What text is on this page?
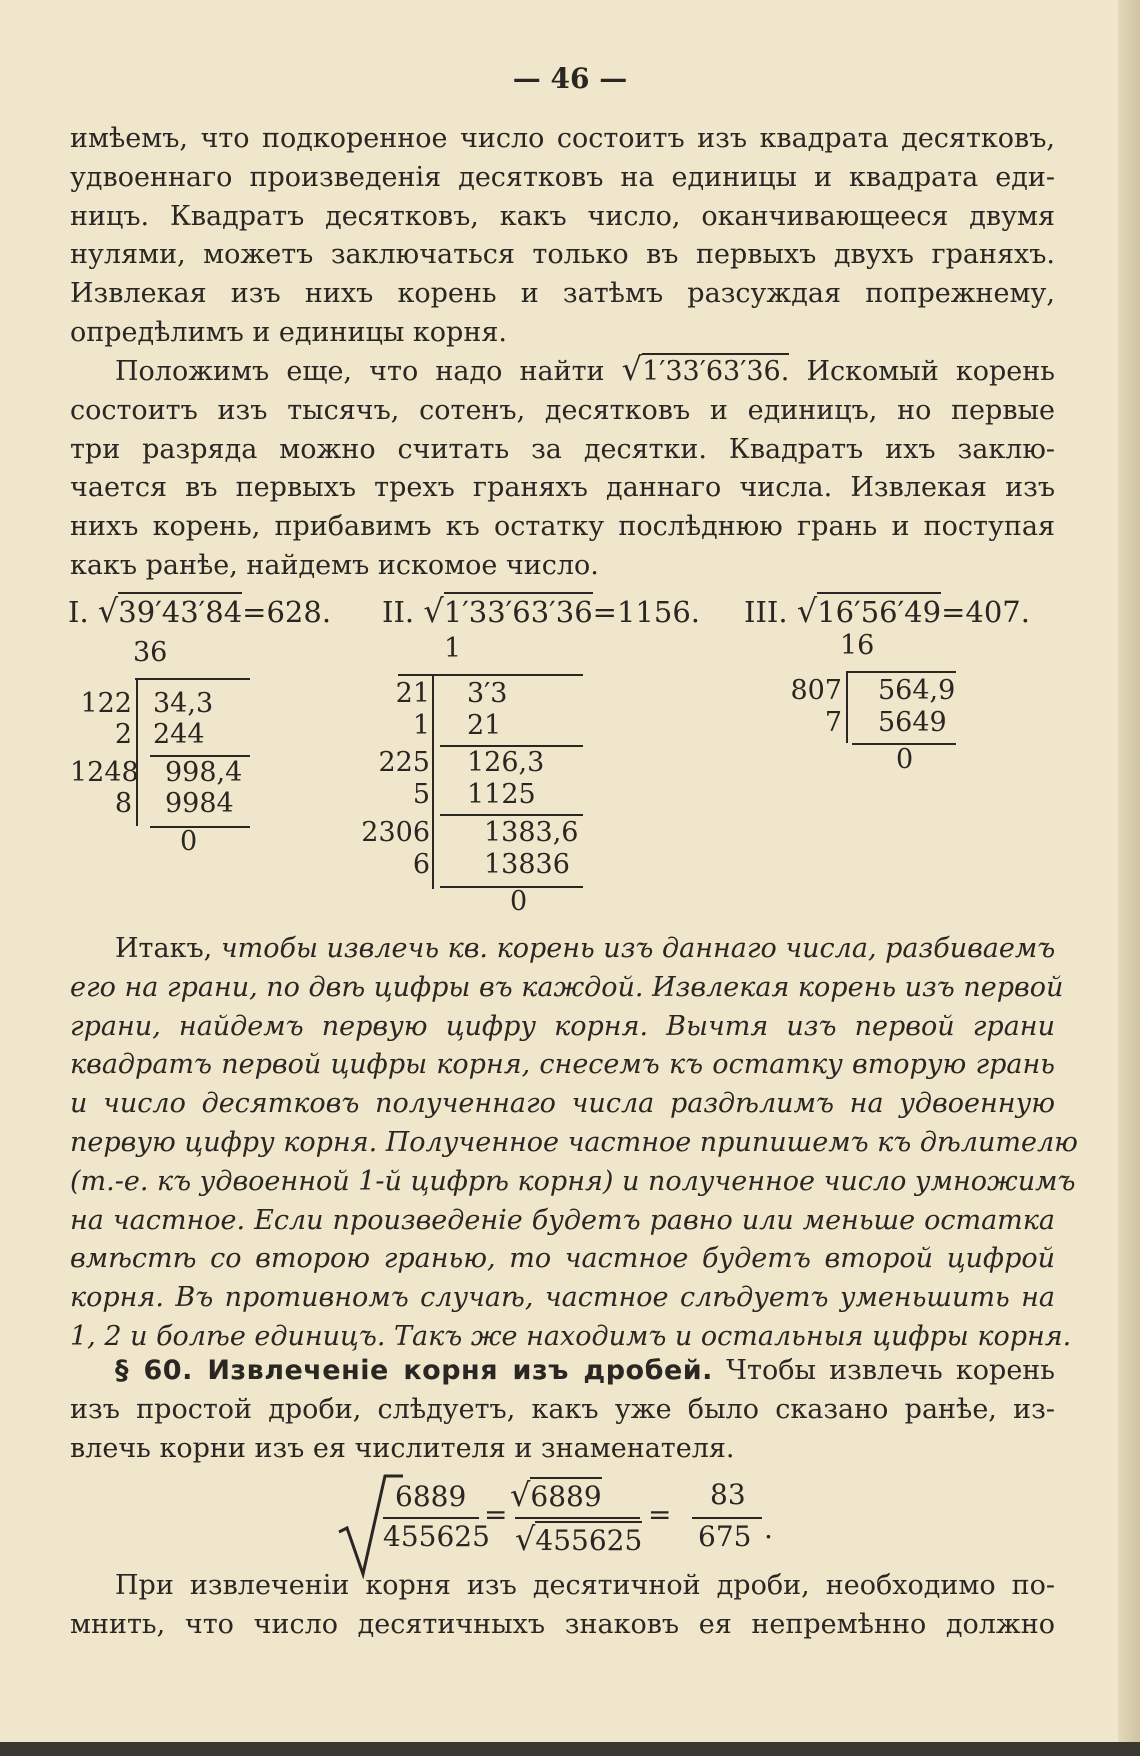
— 46 —
имѣемъ, что подкоренное число состоитъ изъ квадрата десятковъ,
удвоеннаго произведенія десятковъ на единицы и квадрата еди-
ницъ. Квадратъ десятковъ, какъ число, оканчивающееся двумя
нулями, можетъ заключаться только въ первыхъ двухъ граняхъ.
Извлекая изъ нихъ корень и затѣмъ разсуждая попрежнему,
опредѣлимъ и единицы корня.
Положимъ еще, что надо найти √1′33′63′36. Искомый корень
состоитъ изъ тысячъ, сотенъ, десятковъ и единицъ, но первые
три разряда можно считать за десятки. Квадратъ ихъ заклю-
чается въ первыхъ трехъ граняхъ даннаго числа. Извлекая изъ
нихъ корень, прибавимъ къ остатку послѣднюю грань и поступая
какъ ранѣе, найдемъ искомое число.
I. √39′43′84=628. II. √1′33′63′36=1156. III. √16′56′49=407.
36
122 34,3
2 244
1248 998,4
8 9984
0
1
21 3′3
1 21
225 126,3
5 1125
2306 1383,6
6 13836
0
16
807 564,9
7 5649
0
Итакъ, чтобы извлечь кв. корень изъ даннаго числа, разбиваемъ
его на грани, по двѣ цифры въ каждой. Извлекая корень изъ первой
грани, найдемъ первую цифру корня. Вычтя изъ первой грани
квадратъ первой цифры корня, снесемъ къ остатку вторую грань
и число десятковъ полученнаго числа раздѣлимъ на удвоенную
первую цифру корня. Полученное частное припишемъ къ дѣлителю
(т.-е. къ удвоенной 1-й цифрѣ корня) и полученное число умножимъ
на частное. Если произведеніе будетъ равно или меньше остатка
вмѣстѣ со второю гранью, то частное будетъ второй цифрой
корня. Въ противномъ случаѣ, частное слѣдуетъ уменьшить на
1, 2 и болѣе единицъ. Такъ же находимъ и остальныя цифры корня.
§ 60. Извлеченіе корня изъ дробей. Чтобы извлечь корень
изъ простой дроби, слѣдуетъ, какъ уже было сказано ранѣе, из-
влечь корни изъ ея числителя и знаменателя.
6889
455625
=
√6889
√455625
=
83
675 .
При извлеченіи корня изъ десятичной дроби, необходимо по-
мнить, что число десятичныхъ знаковъ ея непремѣнно должно
